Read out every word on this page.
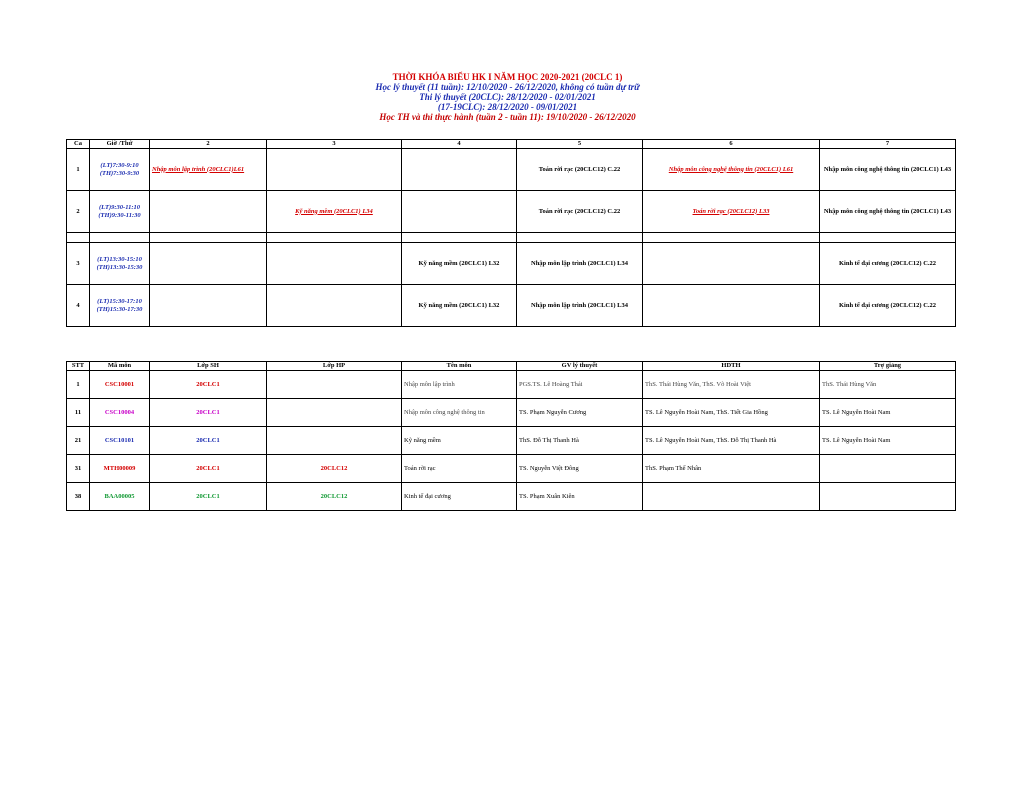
THỜI KHÓA BIỂU HK I NĂM HỌC 2020-2021 (20CLC 1)
Học lý thuyết (11 tuần): 12/10/2020 - 26/12/2020, không có tuần dự trữ
Thi lý thuyết (20CLC): 28/12/2020 - 02/01/2021
(17-19CLC): 28/12/2020 - 09/01/2021
Học TH và thi thực hành (tuần 2 - tuần 11): 19/10/2020 - 26/12/2020
Ca	Giờ /Thứ	2	3	4	5	6	7
1	(LT)7:30-9:10
(TH)7:30-9:30	Nhập môn lập trình (20CLC1)L61			Toán rời rạc (20CLC12) C.22	Nhập môn công nghệ thông tin (20CLC1) L61	Nhập môn công nghệ thông tin (20CLC1) L43
2	(LT)9:30-11:10
(TH)9:30-11:30		Kỹ năng mềm (20CLC1) L34		Toán rời rạc (20CLC12) C.22	Toán rời rạc (20CLC12) L33	Nhập môn công nghệ thông tin (20CLC1) L43

3	(LT)13:30-15:10
(TH)13:30-15:30			Kỹ năng mềm (20CLC1) L32	Nhập môn lập trình (20CLC1) L34		Kinh tế đại cương (20CLC12) C.22
4	(LT)15:30-17:10
(TH)15:30-17:30			Kỹ năng mềm (20CLC1) L32	Nhập môn lập trình (20CLC1) L34		Kinh tế đại cương (20CLC12) C.22
STT	Mã môn	Lớp SH	Lớp HP	Tên môn	GV lý thuyết	HDTH	Trợ giảng
1	CSC10001	20CLC1		Nhập môn lập trình	PGS.TS. Lê Hoàng Thái	ThS. Thái Hùng Văn, ThS. Võ Hoài Việt	ThS. Thái Hùng Văn
11	CSC10004	20CLC1		Nhập môn công nghệ thông tin	TS. Phạm Nguyễn Cương	TS. Lê Nguyễn Hoài Nam, ThS. Tiết Gia Hồng	TS. Lê Nguyễn Hoài Nam
21	CSC10101	20CLC1		Kỹ năng mềm	ThS. Đỗ Thị Thanh Hà	TS. Lê Nguyễn Hoài Nam, ThS. Đỗ Thị Thanh Hà	TS. Lê Nguyễn Hoài Nam
31	MTH00009	20CLC1	20CLC12	Toán rời rạc	TS. Nguyễn Việt Đông	ThS. Phạm Thế Nhân	
38	BAA00005	20CLC1	20CLC12	Kinh tế đại cương	TS. Phạm Xuân Kiên		
